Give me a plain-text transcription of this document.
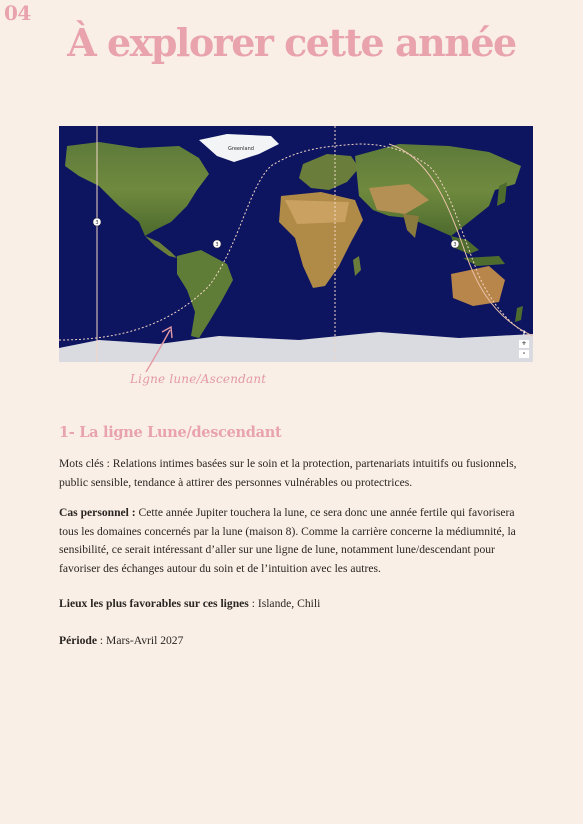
04
À explorer cette année
3
3	3
Greenland
?
+
-
Ligne lune/Ascendant
1- La ligne Lune/descendant

Mots clés : Relations intimes basées sur le soin et la protection, partenariats intuitifs ou fusionnels, public sensible, tendance à attirer des personnes vulnérables ou protectrices.

Cas personnel : Cette année Jupiter touchera la lune, ce sera donc une année fertile qui favorisera tous les domaines concernés par la lune (maison 8). Comme la carrière concerne la médiumnité, la sensibilité, ce serait intéressant d’aller sur une ligne de lune, notamment lune/descendant pour favoriser des échanges autour du soin et de l’intuition avec les autres.

Lieux les plus favorables sur ces lignes : Islande, Chili

Période : Mars-Avril 2027
